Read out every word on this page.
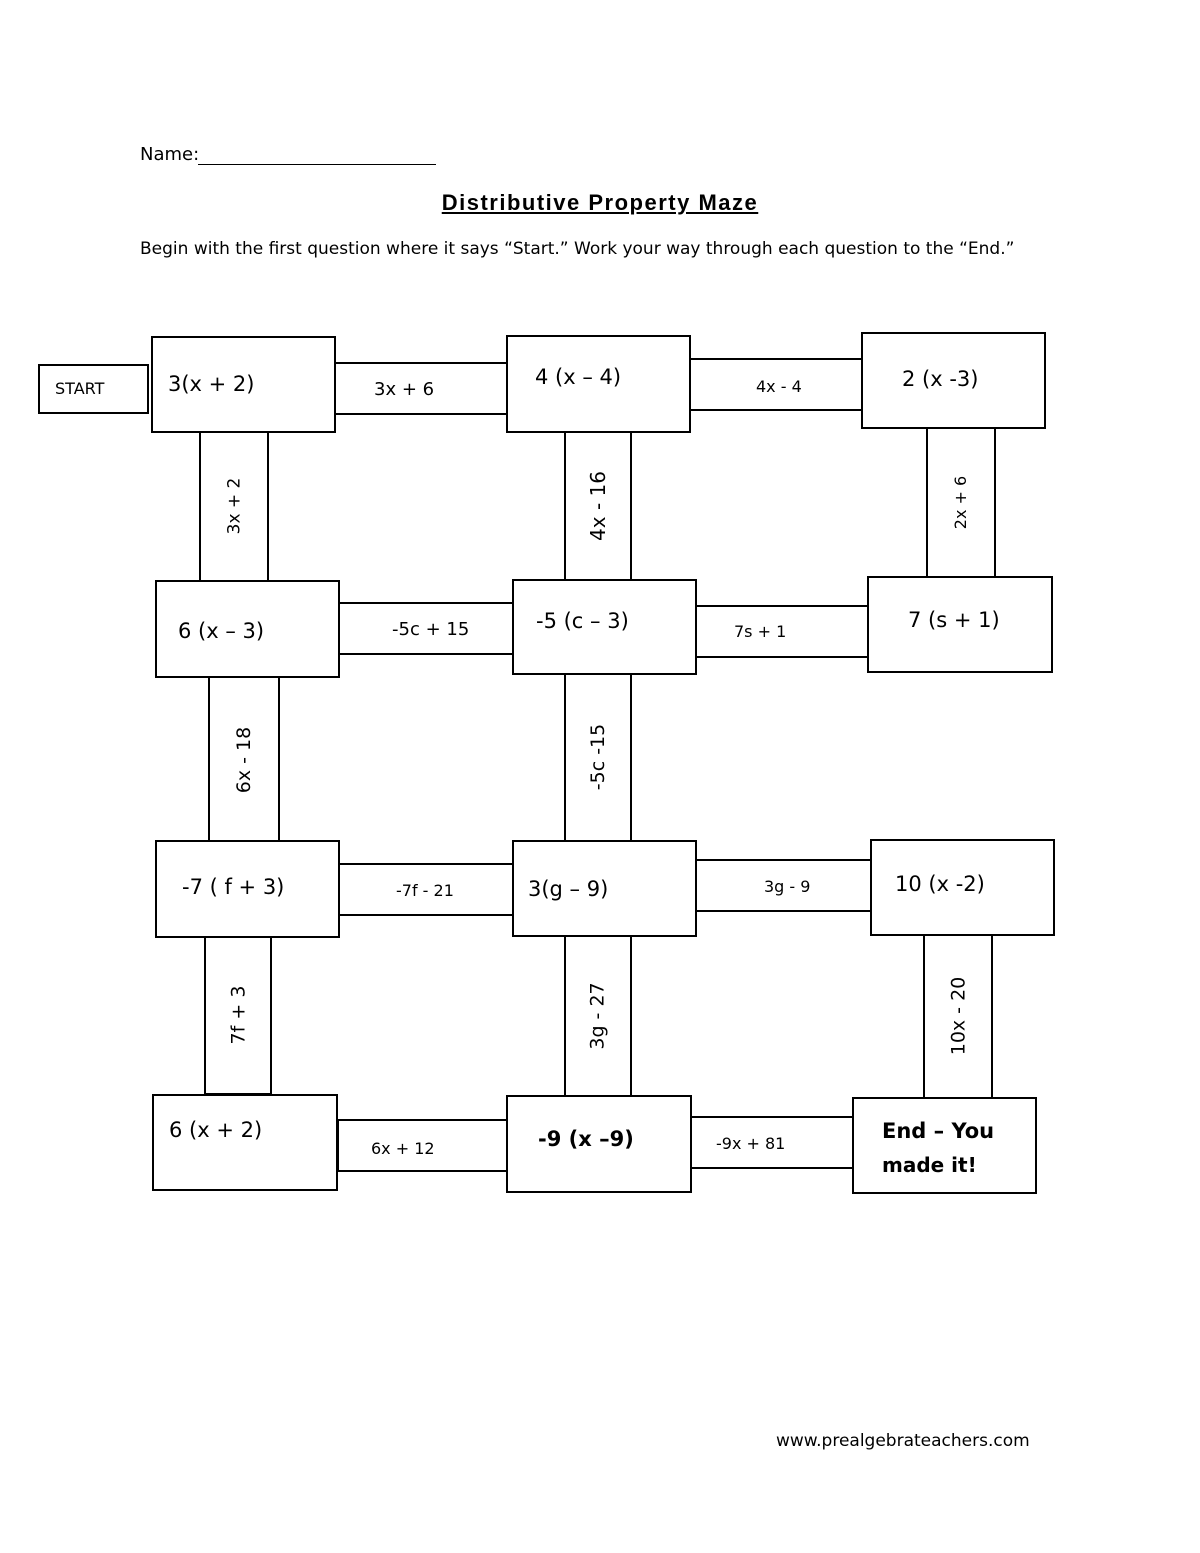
Name:
Distributive Property Maze
Begin with the first question where it says “Start.” Work your way through each question to the “End.”
START	3x + 6	4x - 4
-5c + 15	7s + 1
-7f - 21	3g - 9
6x + 12	-9x + 81
3x + 2	4x - 16	2x + 6
6x - 18	-5c -15
7f + 3	3g - 27	10x - 20
3(x + 2)	4 (x – 4)	2 (x -3)
6 (x – 3)	-5 (c – 3)	7 (s + 1)
-7 ( f + 3)	3(g – 9)	10 (x -2)
6 (x + 2)	-9 (x –9)	End – You
made it!
www.prealgebrateachers.com
